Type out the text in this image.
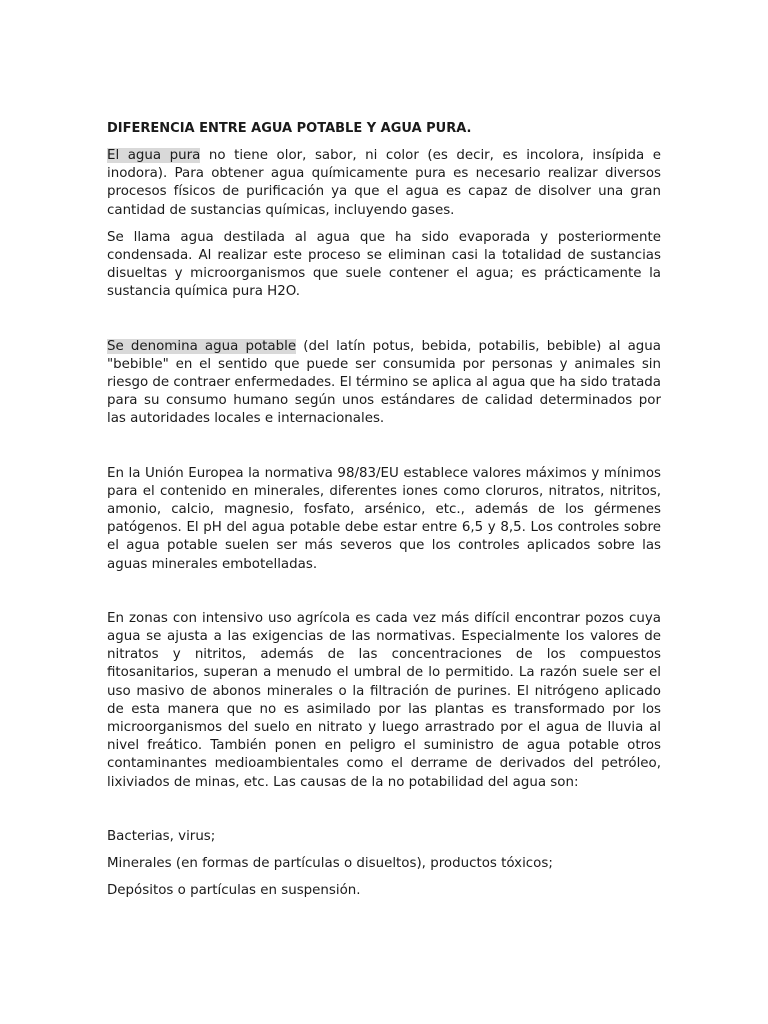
DIFERENCIA ENTRE AGUA POTABLE Y AGUA PURA.

El agua pura no tiene olor, sabor, ni color (es decir, es incolora, insípida e inodora). Para obtener agua químicamente pura es necesario realizar diversos procesos físicos de purificación ya que el agua es capaz de disolver una gran cantidad de sustancias químicas, incluyendo gases.

Se llama agua destilada al agua que ha sido evaporada y posteriormente condensada. Al realizar este proceso se eliminan casi la totalidad de sustancias disueltas y microorganismos que suele contener el agua; es prácticamente la sustancia química pura H2O.

Se denomina agua potable (del latín potus, bebida, potabilis, bebible) al agua "bebible" en el sentido que puede ser consumida por personas y animales sin riesgo de contraer enfermedades. El término se aplica al agua que ha sido tratada para su consumo humano según unos estándares de calidad determinados por las autoridades locales e internacionales.

En la Unión Europea la normativa 98/83/EU establece valores máximos y mínimos para el contenido en minerales, diferentes iones como cloruros, nitratos, nitritos, amonio, calcio, magnesio, fosfato, arsénico, etc., además de los gérmenes patógenos. El pH del agua potable debe estar entre 6,5 y 8,5. Los controles sobre el agua potable suelen ser más severos que los controles aplicados sobre las aguas minerales embotelladas.

En zonas con intensivo uso agrícola es cada vez más difícil encontrar pozos cuya agua se ajusta a las exigencias de las normativas. Especialmente los valores de nitratos y nitritos, además de las concentraciones de los compuestos fitosanitarios, superan a menudo el umbral de lo permitido. La razón suele ser el uso masivo de abonos minerales o la filtración de purines. El nitrógeno aplicado de esta manera que no es asimilado por las plantas es transformado por los microorganismos del suelo en nitrato y luego arrastrado por el agua de lluvia al nivel freático. También ponen en peligro el suministro de agua potable otros contaminantes medioambientales como el derrame de derivados del petróleo, lixiviados de minas, etc. Las causas de la no potabilidad del agua son:

Bacterias, virus;
Minerales (en formas de partículas o disueltos), productos tóxicos;
Depósitos o partículas en suspensión.
